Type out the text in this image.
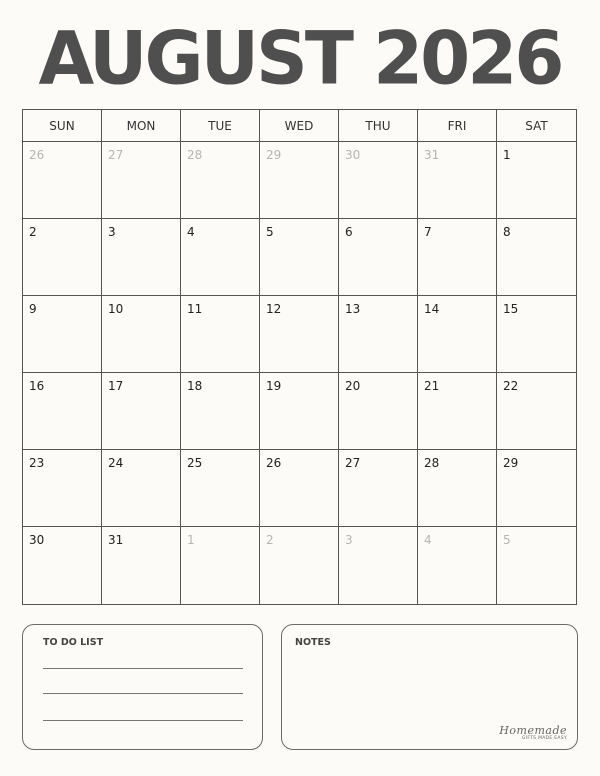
AUGUST 2026
SUN	MON	TUE	WED	THU	FRI	SAT
26	27	28	29	30	31	1
2	3	4	5	6	7	8
9	10	11	12	13	14	15
16	17	18	19	20	21	22
23	24	25	26	27	28	29
30	31	1	2	3	4	5
TO DO LIST	NOTES
Homemade
GIFTS MADE EASY
